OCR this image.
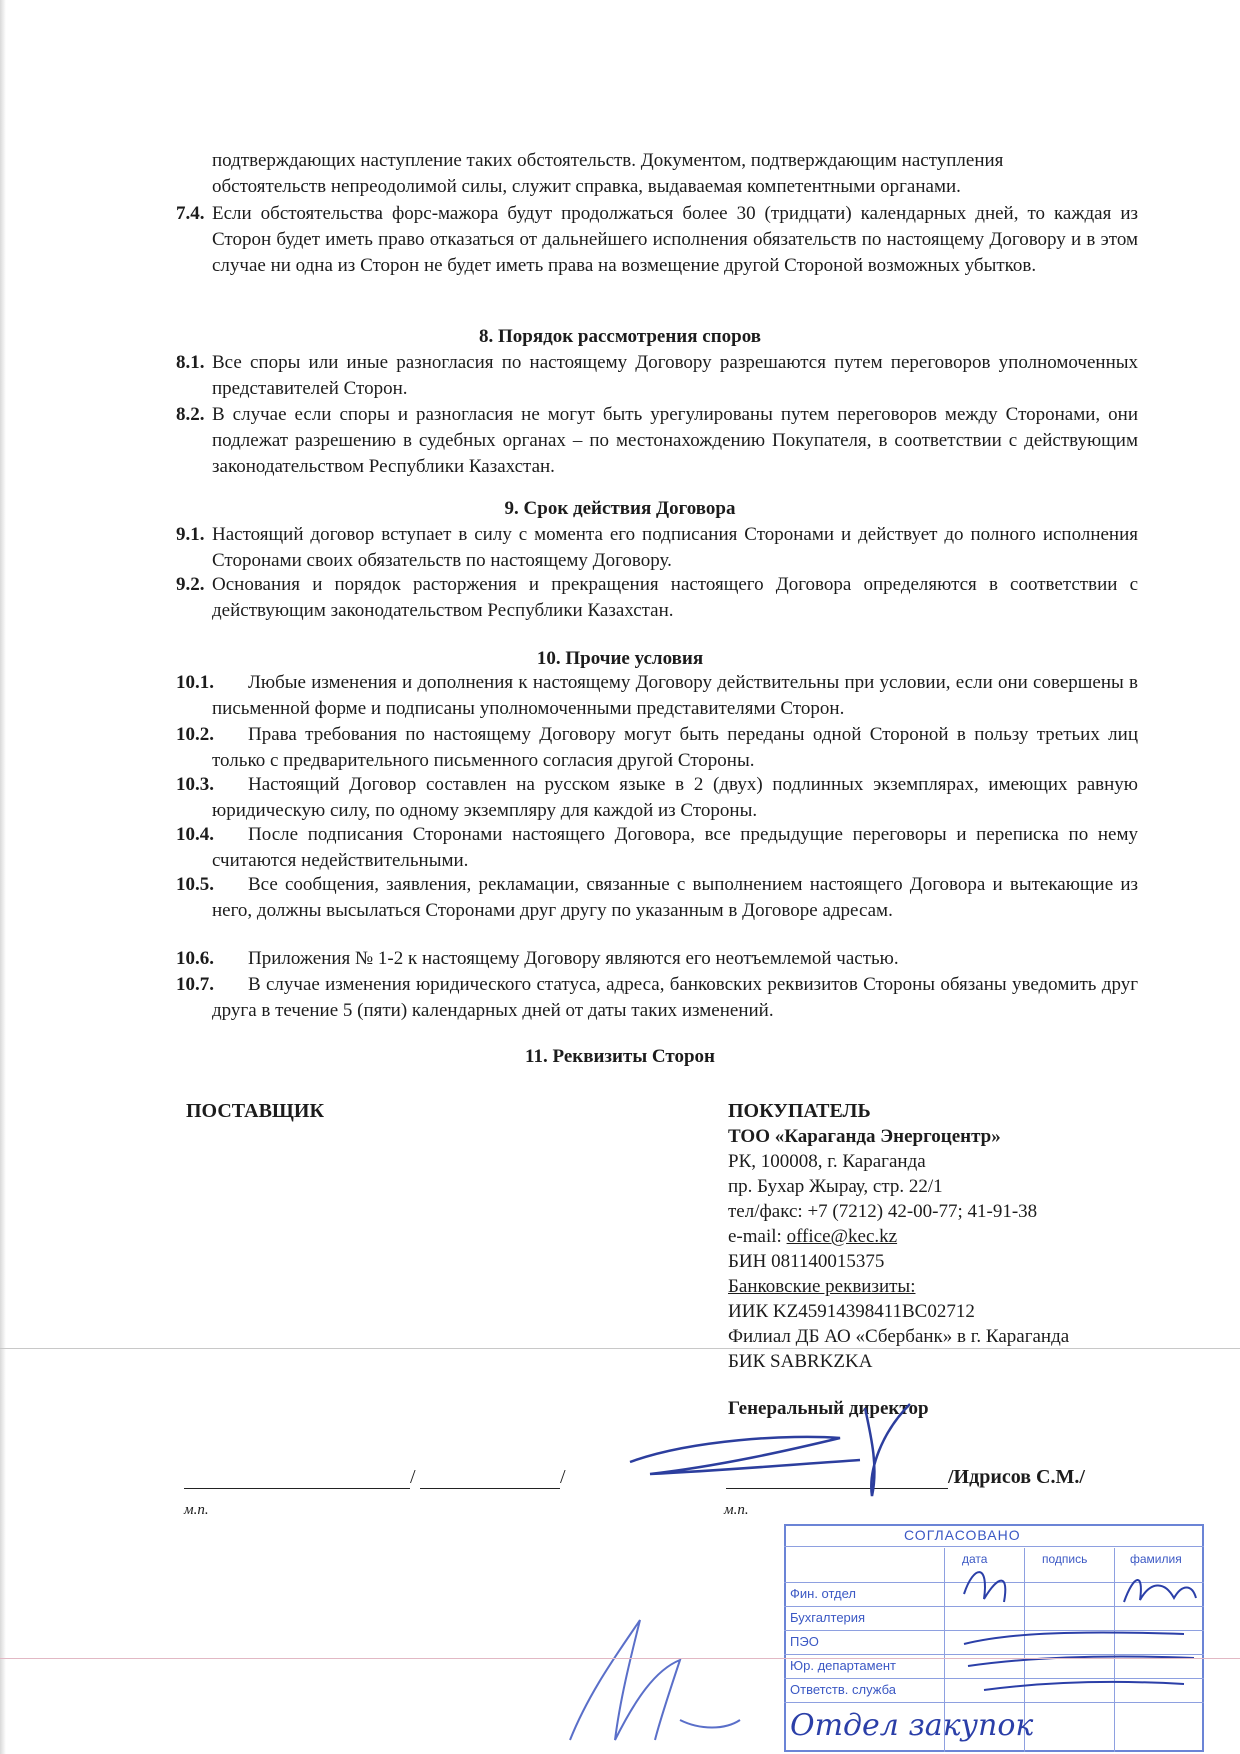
подтверждающих наступление таких обстоятельств. Документом, подтверждающим наступления
обстоятельств непреодолимой силы, служит справка, выдаваемая компетентными органами.
7.4. Если обстоятельства форс-мажора будут продолжаться более 30 (тридцати) календарных дней, то каждая из Сторон будет иметь право отказаться от дальнейшего исполнения обязательств по настоящему Договору и в этом случае ни одна из Сторон не будет иметь права на возмещение другой Стороной возможных убытков.
8. Порядок рассмотрения споров
8.1. Все споры или иные разногласия по настоящему Договору разрешаются путем переговоров уполномоченных представителей Сторон.
8.2. В случае если споры и разногласия не могут быть урегулированы путем переговоров между Сторонами, они подлежат разрешению в судебных органах – по местонахождению Покупателя, в соответствии с действующим законодательством Республики Казахстан.
9. Срок действия Договора
9.1. Настоящий договор вступает в силу с момента его подписания Сторонами и действует до полного исполнения Сторонами своих обязательств по настоящему Договору.
9.2. Основания и порядок расторжения и прекращения настоящего Договора определяются в соответствии с действующим законодательством Республики Казахстан.
10. Прочие условия
10.1.	Любые изменения и дополнения к настоящему Договору действительны при условии, если они совершены в письменной форме и подписаны уполномоченными представителями Сторон.
10.2.	Права требования по настоящему Договору могут быть переданы одной Стороной в пользу третьих лиц только с предварительного письменного согласия другой Стороны.
10.3.	Настоящий Договор составлен на русском языке в 2 (двух) подлинных экземплярах, имеющих равную юридическую силу, по одному экземпляру для каждой из Стороны.
10.4.	После подписания Сторонами настоящего Договора, все предыдущие переговоры и переписка по нему считаются недействительными.
10.5.	Все сообщения, заявления, рекламации, связанные с выполнением настоящего Договора и вытекающие из него, должны высылаться Сторонами друг другу по указанным в Договоре адресам.
10.6.	Приложения № 1-2 к настоящему Договору являются его неотъемлемой частью.
10.7.	В случае изменения юридического статуса, адреса, банковских реквизитов Стороны обязаны уведомить друг друга в течение 5 (пяти) календарных дней от даты таких изменений.
11. Реквизиты Сторон
ПОСТАВЩИК	ПОКУПАТЕЛЬ
ТОО «Караганда Энергоцентр»
РК, 100008, г. Караганда
пр. Бухар Жырау, стр. 22/1
тел/факс: +7 (7212) 42-00-77; 41-91-38
e-mail: office@kec.kz
БИН 081140015375
Банковские реквизиты:
ИИК KZ45914398411BC02712
Филиал ДБ АО «Сбербанк» в г. Караганда
БИК SABRKZKA
Генеральный директор
/	/
м.п.
/Идрисов С.М./
м.п.
СОГЛАСОВАНО
дата	подпись	фамилия
Фин. отдел
Бухгалтерия
ПЭО
Юр. департамент
Ответств. служба
Отдел закупок
